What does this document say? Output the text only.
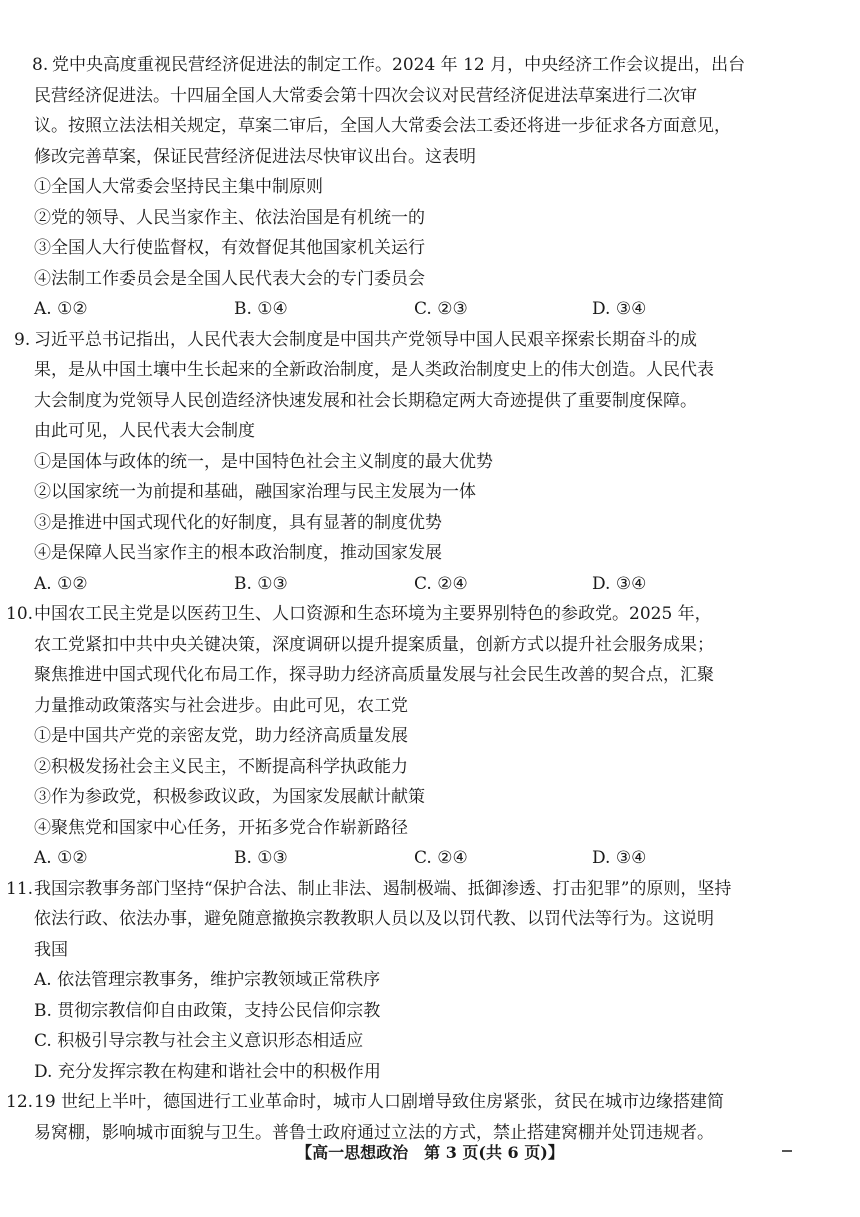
8. 党中央高度重视民营经济促进法的制定工作。2024 年 12 月，中央经济工作会议提出，出台
民营经济促进法。十四届全国人大常委会第十四次会议对民营经济促进法草案进行二次审
议。按照立法法相关规定，草案二审后，全国人大常委会法工委还将进一步征求各方面意见，
修改完善草案，保证民营经济促进法尽快审议出台。这表明
①全国人大常委会坚持民主集中制原则
②党的领导、人民当家作主、依法治国是有机统一的
③全国人大行使监督权，有效督促其他国家机关运行
④法制工作委员会是全国人民代表大会的专门委员会
A. ①②	B. ①④	C. ②③	D. ③④
9. 习近平总书记指出，人民代表大会制度是中国共产党领导中国人民艰辛探索长期奋斗的成
果，是从中国土壤中生长起来的全新政治制度，是人类政治制度史上的伟大创造。人民代表
大会制度为党领导人民创造经济快速发展和社会长期稳定两大奇迹提供了重要制度保障。
由此可见，人民代表大会制度
①是国体与政体的统一，是中国特色社会主义制度的最大优势
②以国家统一为前提和基础，融国家治理与民主发展为一体
③是推进中国式现代化的好制度，具有显著的制度优势
④是保障人民当家作主的根本政治制度，推动国家发展
A. ①②	B. ①③	C. ②④	D. ③④
10.中国农工民主党是以医药卫生、人口资源和生态环境为主要界别特色的参政党。2025 年，
农工党紧扣中共中央关键决策，深度调研以提升提案质量，创新方式以提升社会服务成果；
聚焦推进中国式现代化布局工作，探寻助力经济高质量发展与社会民生改善的契合点，汇聚
力量推动政策落实与社会进步。由此可见，农工党
①是中国共产党的亲密友党，助力经济高质量发展
②积极发扬社会主义民主，不断提高科学执政能力
③作为参政党，积极参政议政，为国家发展献计献策
④聚焦党和国家中心任务，开拓多党合作崭新路径
A. ①②	B. ①③	C. ②④	D. ③④
11.我国宗教事务部门坚持“保护合法、制止非法、遏制极端、抵御渗透、打击犯罪”的原则，坚持
依法行政、依法办事，避免随意撤换宗教教职人员以及以罚代教、以罚代法等行为。这说明
我国
A. 依法管理宗教事务，维护宗教领域正常秩序
B. 贯彻宗教信仰自由政策，支持公民信仰宗教
C. 积极引导宗教与社会主义意识形态相适应
D. 充分发挥宗教在构建和谐社会中的积极作用
12.19 世纪上半叶，德国进行工业革命时，城市人口剧增导致住房紧张，贫民在城市边缘搭建简
易窝棚，影响城市面貌与卫生。普鲁士政府通过立法的方式，禁止搭建窝棚并处罚违规者。
【高一思想政治　第 3 页(共 6 页)】
